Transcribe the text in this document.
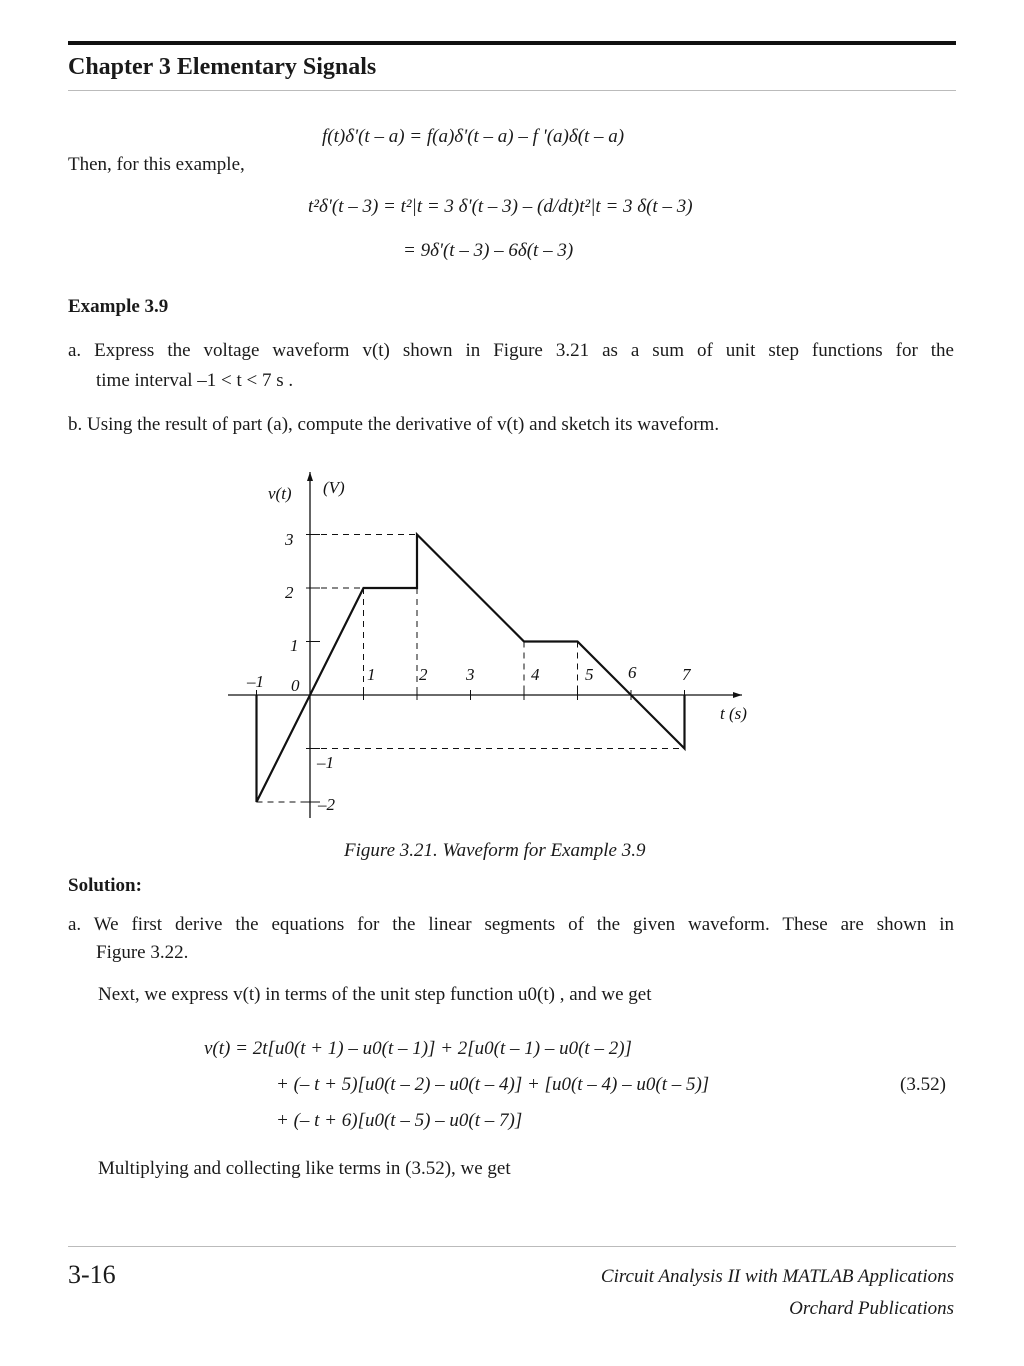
Chapter 3 Elementary Signals
f(t)δ'(t – a) = f(a)δ'(t – a) – f '(a)δ(t – a)
Then, for this example,
t²δ'(t – 3) = t²|t = 3 δ'(t – 3) – (d/dt)t²|t = 3 δ(t – 3)
= 9δ'(t – 3) – 6δ(t – 3)
Example 3.9
a. Express the voltage waveform v(t) shown in Figure 3.21 as a sum of unit step functions for the
time interval –1 < t < 7 s .
b. Using the result of part (a), compute the derivative of v(t) and sketch its waveform.
–1 0
1	2 3	4	5 6	7
3
2
1
–1
–2
v(t) (V)
t (s)
Figure 3.21. Waveform for Example 3.9
Solution:
a. We first derive the equations for the linear segments of the given waveform. These are shown in
Figure 3.22.
Next, we express v(t) in terms of the unit step function u0(t) , and we get
v(t) = 2t[u0(t + 1) – u0(t – 1)] + 2[u0(t – 1) – u0(t – 2)]
+ (– t + 5)[u0(t – 2) – u0(t – 4)] + [u0(t – 4) – u0(t – 5)]	(3.52)
+ (– t + 6)[u0(t – 5) – u0(t – 7)]
Multiplying and collecting like terms in (3.52), we get
3-16	Circuit Analysis II with MATLAB Applications
Orchard Publications
